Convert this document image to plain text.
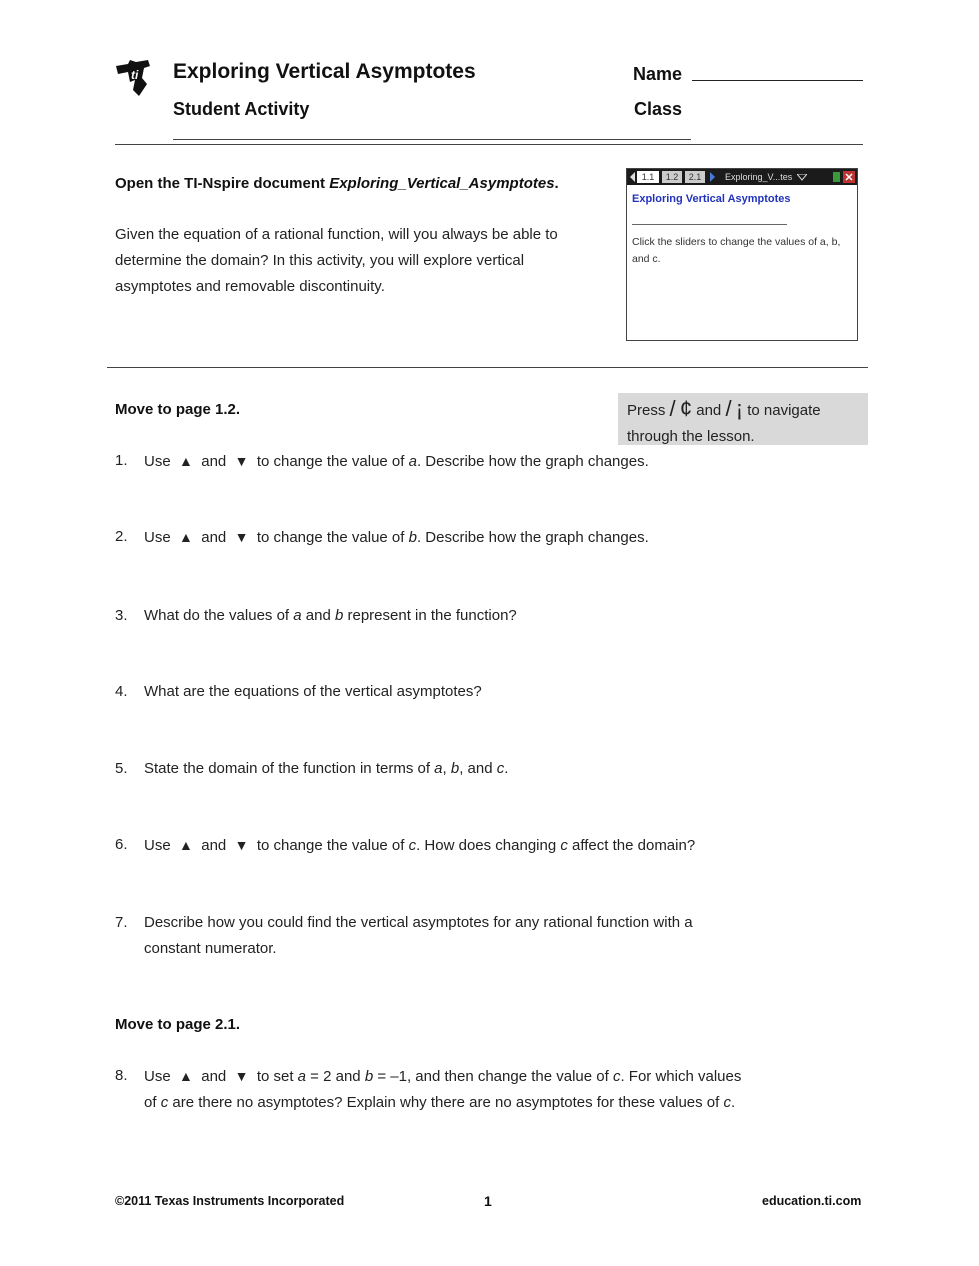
ti Exploring Vertical Asymptotes
Student Activity
Name
Class
Open the TI-Nspire document Exploring_Vertical_Asymptotes.
Given the equation of a rational function, will you always be able to determine the domain? In this activity, you will explore vertical asymptotes and removable discontinuity.
1.1	1.2	2.1	Exploring_V...tes
Exploring Vertical Asymptotes
Click the sliders to change the values of a, b, and c.
Move to page 1.2.	Press / ¢ and / ¡ to navigate through the lesson.
1. Use ▲ and ▼ to change the value of a. Describe how the graph changes.
2. Use ▲ and ▼ to change the value of b. Describe how the graph changes.
3. What do the values of a and b represent in the function?
4. What are the equations of the vertical asymptotes?
5. State the domain of the function in terms of a, b, and c.
6. Use ▲ and ▼ to change the value of c. How does changing c affect the domain?
7. Describe how you could find the vertical asymptotes for any rational function with a constant numerator.
Move to page 2.1.
8. Use ▲ and ▼ to set a = 2 and b = –1, and then change the value of c. For which values of c are there no asymptotes? Explain why there are no asymptotes for these values of c.
©2011 Texas Instruments Incorporated	1	education.ti.com
